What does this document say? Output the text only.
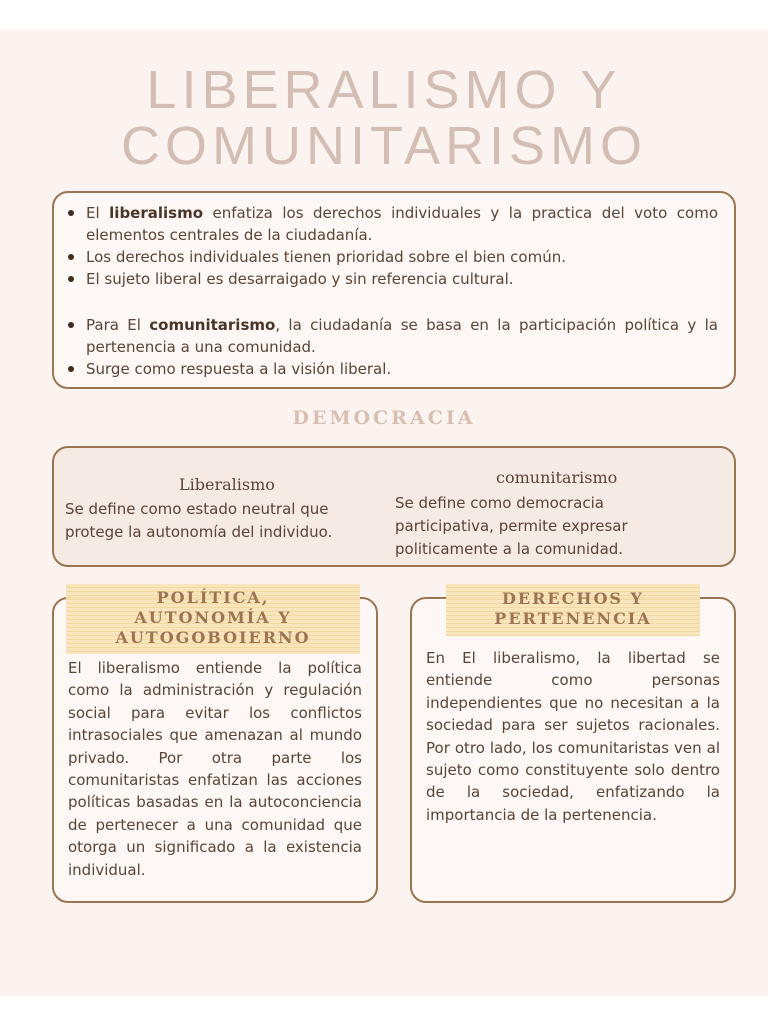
LIBERALISMO Y
COMUNITARISMO
El liberalismo enfatiza los derechos individuales y la practica del voto como elementos centrales de la ciudadanía.
Los derechos individuales tienen prioridad sobre el bien común.
El sujeto liberal es desarraigado y sin referencia cultural.
Para El comunitarismo, la ciudadanía se basa en la participación política y la pertenencia a una comunidad.
Surge como respuesta a la visión liberal.
DEMOCRACIA
Liberalismo
Se define como estado neutral que protege la autonomía del individuo.
comunitarismo
Se define como democracia participativa, permite expresar politicamente a la comunidad.

El liberalismo entiende la política como la administración y regulación social para evitar los conflictos intrasociales que amenazan al mundo privado. Por otra parte los comunitaristas enfatizan las acciones políticas basadas en la autoconciencia de pertenecer a una comunidad que otorga un significado a la existencia individual.

POLÍTICA,
AUTONOMÍA Y
AUTOGOBOIERNO

En El liberalismo, la libertad se entiende como personas independientes que no necesitan a la sociedad para ser sujetos racionales. Por otro lado, los comunitaristas ven al sujeto como constituyente solo dentro de la sociedad, enfatizando la importancia de la pertenencia.

DERECHOS Y
PERTENENCIA
